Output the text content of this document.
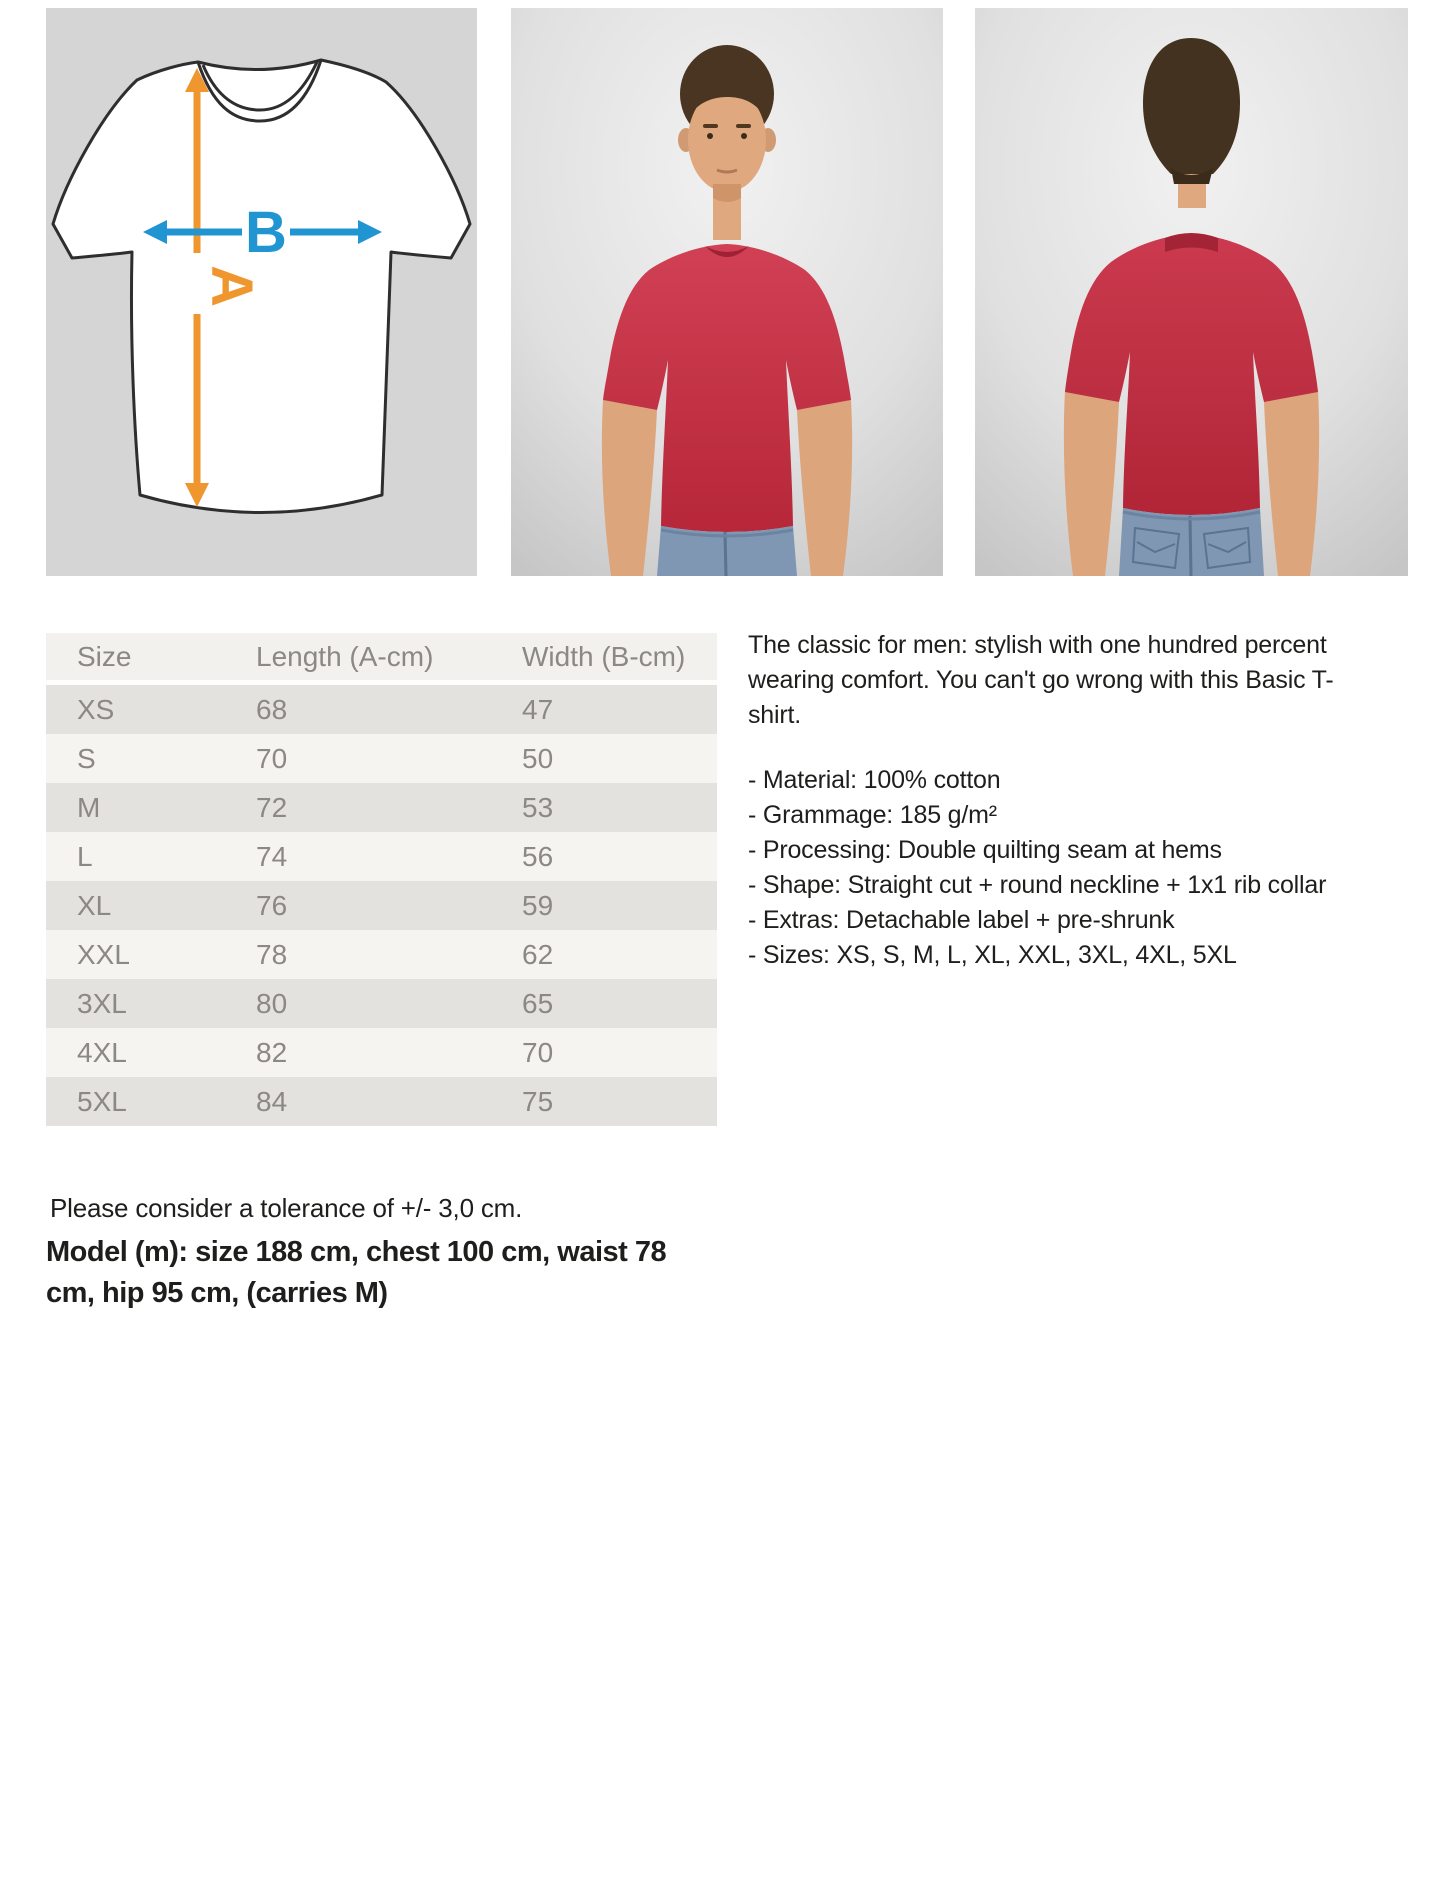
A
B
Size	Length (A-cm)	Width (B-cm)
XS	68	47
S	70	50
M	72	53
L	74	56
XL	76	59
XXL	78	62
3XL	80	65
4XL	82	70
5XL	84	75

The classic for men: stylish with one hundred percent wearing comfort. You can't go wrong with this Basic T-shirt.

- Material: 100% cotton
- Grammage: 185 g/m²
- Processing: Double quilting seam at hems
- Shape: Straight cut + round neckline + 1x1 rib collar
- Extras: Detachable label + pre-shrunk
- Sizes: XS, S, M, L, XL, XXL, 3XL, 4XL, 5XL

Please consider a tolerance of +/- 3,0 cm.

Model (m): size 188 cm, chest 100 cm, waist 78 cm, hip 95 cm, (carries M)
